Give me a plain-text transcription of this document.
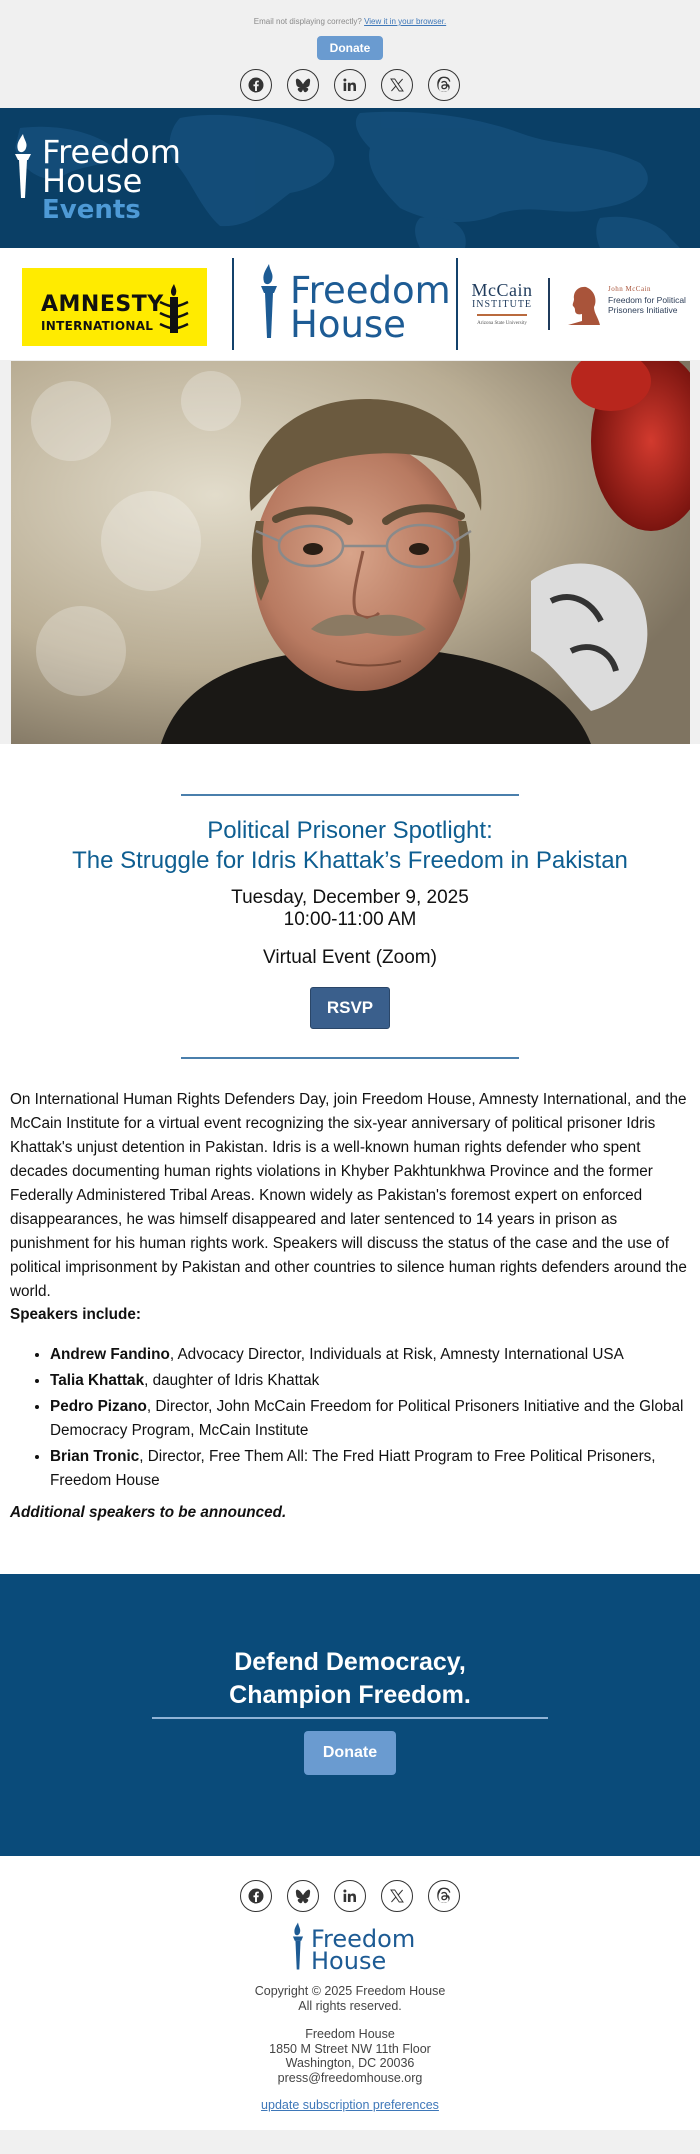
Email not displaying correctly? View it in your browser.
Donate
Freedom
House
Events
AMNESTY
INTERNATIONAL
Freedom
House
McCain
INSTITUTE
Arizona State University
John McCain
Freedom for Political
Prisoners Initiative
Political Prisoner Spotlight:
The Struggle for Idris Khattak’s Freedom in Pakistan
Tuesday, December 9, 2025
10:00-11:00 AM
Virtual Event (Zoom)
RSVP
On International Human Rights Defenders Day, join Freedom House, Amnesty International, and the McCain Institute for a virtual event recognizing the six-year anniversary of political prisoner Idris Khattak's unjust detention in Pakistan. Idris is a well-known human rights defender who spent decades documenting human rights violations in Khyber Pakhtunkhwa Province and the former Federally Administered Tribal Areas. Known widely as Pakistan's foremost expert on enforced disappearances, he was himself disappeared and later sentenced to 14 years in prison as punishment for his human rights work. Speakers will discuss the status of the case and the use of political imprisonment by Pakistan and other countries to silence human rights defenders around the world.
Speakers include:
• Andrew Fandino, Advocacy Director, Individuals at Risk, Amnesty International USA
• Talia Khattak, daughter of Idris Khattak
• Pedro Pizano, Director, John McCain Freedom for Political Prisoners Initiative and the Global Democracy Program, McCain Institute
• Brian Tronic, Director, Free Them All: The Fred Hiatt Program to Free Political Prisoners, Freedom House
Additional speakers to be announced.
Defend Democracy,
Champion Freedom.
Donate
Freedom
House
Copyright © 2025 Freedom House
All rights reserved.
Freedom House
1850 M Street NW 11th Floor
Washington, DC 20036
press@freedomhouse.org
update subscription preferences
